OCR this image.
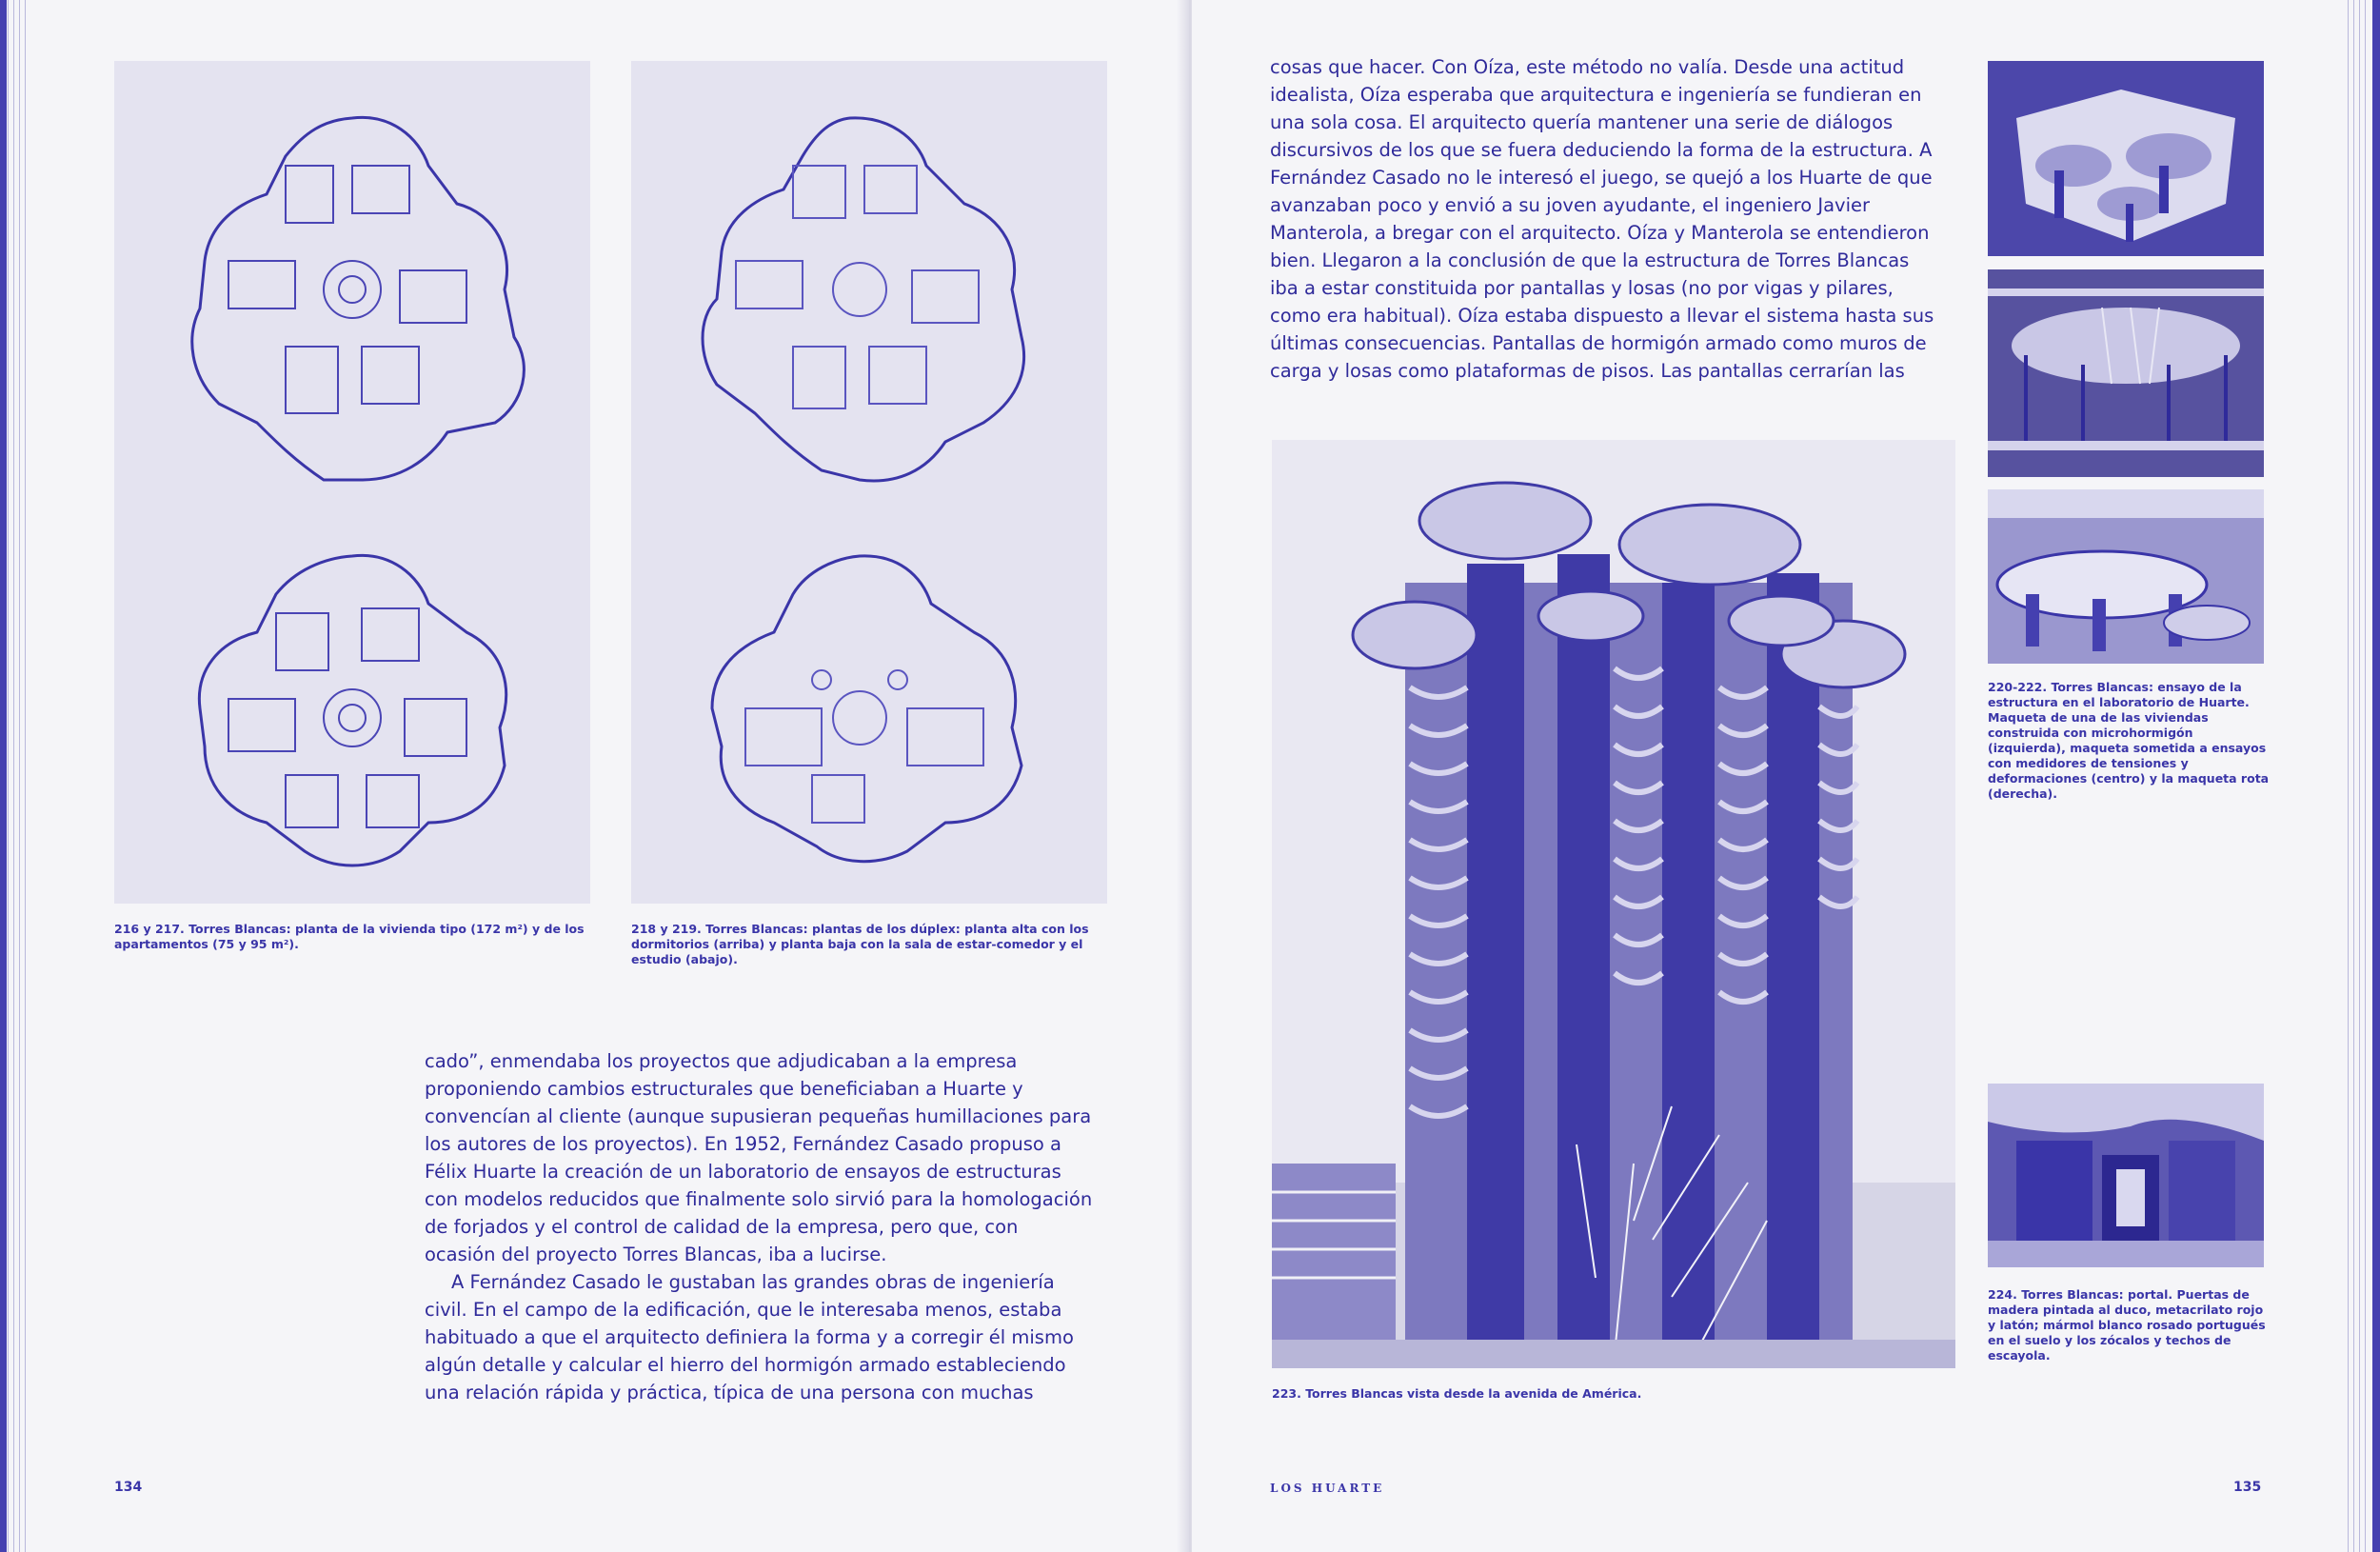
216 y 217. Torres Blancas: planta de la vivienda tipo (172 m²) y de los apartamentos (75 y 95 m²).
218 y 219. Torres Blancas: plantas de los dúplex: planta alta con los dormitorios (arriba) y planta baja con la sala de estar-comedor y el estudio (abajo).

cado”, enmendaba los proyectos que adjudicaban a la empresa proponiendo cambios estructurales que beneficiaban a Huarte y convencían al cliente (aunque supusieran pequeñas humillaciones para los autores de los proyectos). En 1952, Fernández Casado propuso a Félix Huarte la creación de un laboratorio de ensayos de estructuras con modelos reducidos que finalmente solo sirvió para la homologación de forjados y el control de calidad de la empresa, pero que, con ocasión del proyecto Torres Blancas, iba a lucirse.

A Fernández Casado le gustaban las grandes obras de ingeniería civil. En el campo de la edificación, que le interesaba menos, estaba habituado a que el arquitecto definiera la forma y a corregir él mismo algún detalle y calcular el hierro del hormigón armado estableciendo una relación rápida y práctica, típica de una persona con muchas

134

cosas que hacer. Con Oíza, este método no valía. Desde una actitud idealista, Oíza esperaba que arquitectura e ingeniería se fundieran en una sola cosa. El arquitecto quería mantener una serie de diálogos discursivos de los que se fuera deduciendo la forma de la estructura. A Fernández Casado no le interesó el juego, se quejó a los Huarte de que avanzaban poco y envió a su joven ayudante, el ingeniero Javier Manterola, a bregar con el arquitecto. Oíza y Manterola se entendieron bien. Llegaron a la conclusión de que la estructura de Torres Blancas iba a estar constituida por pantallas y losas (no por vigas y pilares, como era habitual). Oíza estaba dispuesto a llevar el sistema hasta sus últimas consecuencias. Pantallas de hormigón armado como muros de carga y losas como plataformas de pisos. Las pantallas cerrarían las

223. Torres Blancas vista desde la avenida de América.
220-222. Torres Blancas: ensayo de la estructura en el laboratorio de Huarte. Maqueta de una de las viviendas construida con microhormigón (izquierda), maqueta sometida a ensayos con medidores de tensiones y deformaciones (centro) y la maqueta rota (derecha).
224. Torres Blancas: portal. Puertas de madera pintada al duco, metacrilato rojo y latón; mármol blanco rosado portugués en el suelo y los zócalos y techos de escayola.
LOS HUARTE	135
